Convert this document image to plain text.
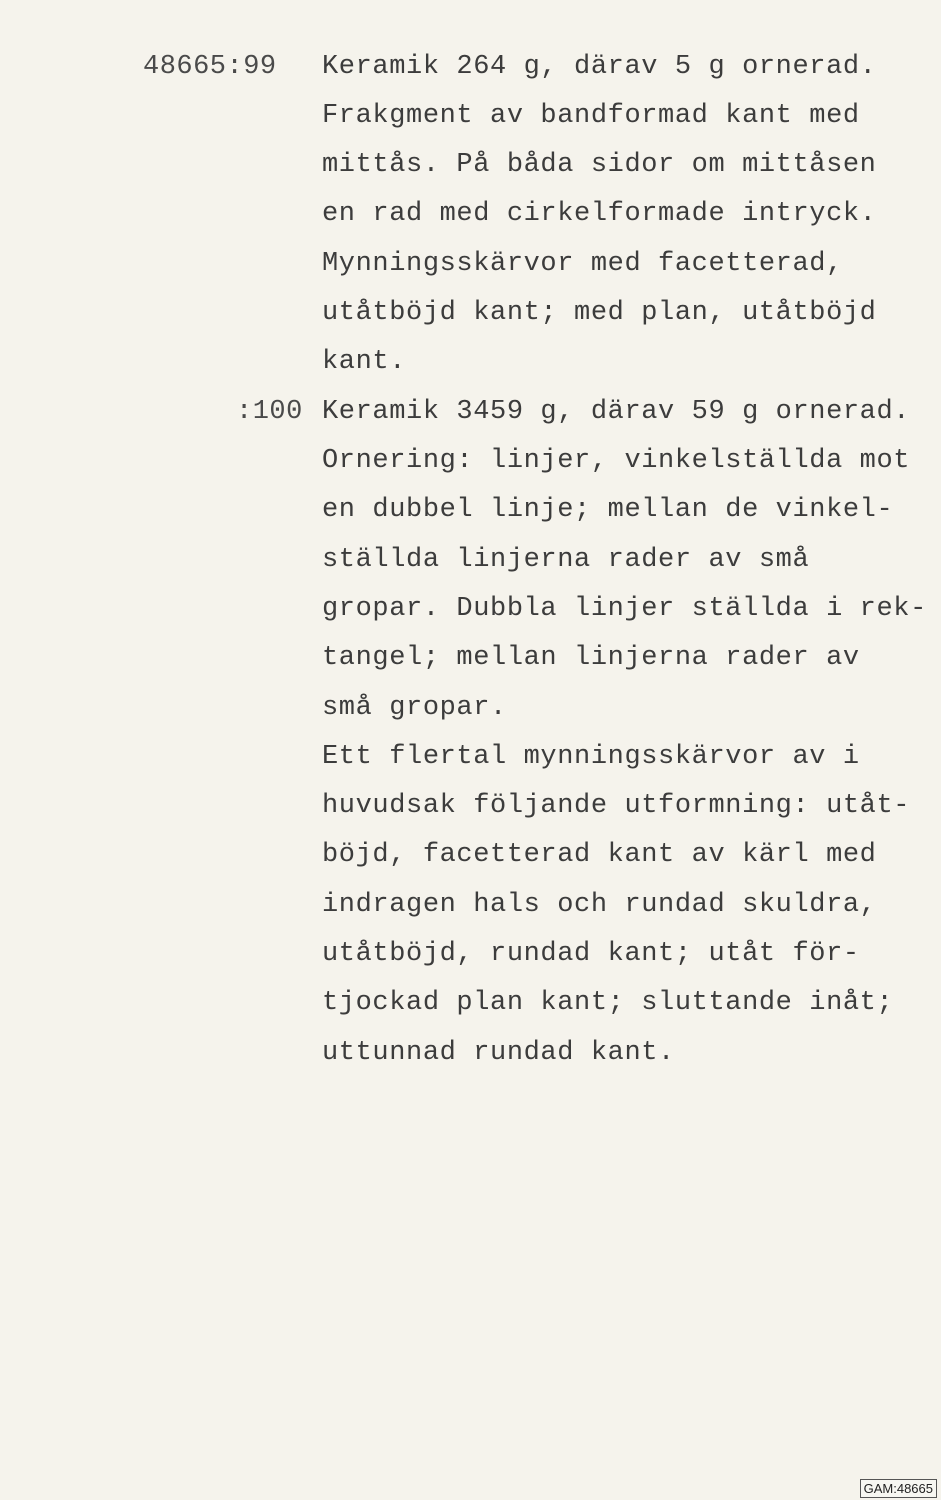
48665:99 Keramik 264 g, därav 5 g ornerad.
Frakgment av bandformad kant med
mittås. På båda sidor om mittåsen
en rad med cirkelformade intryck.
Mynningsskärvor med facetterad,
utåtböjd kant; med plan, utåtböjd
kant.
:100 Keramik 3459 g, därav 59 g ornerad.
Ornering: linjer, vinkelställda mot
en dubbel linje; mellan de vinkel-
ställda linjerna rader av små
gropar. Dubbla linjer ställda i rek-
tangel; mellan linjerna rader av
små gropar.
Ett flertal mynningsskärvor av i
huvudsak följande utformning: utåt-
böjd, facetterad kant av kärl med
indragen hals och rundad skuldra,
utåtböjd, rundad kant; utåt för-
tjockad plan kant; sluttande inåt;
uttunnad rundad kant.
GAM:48665
